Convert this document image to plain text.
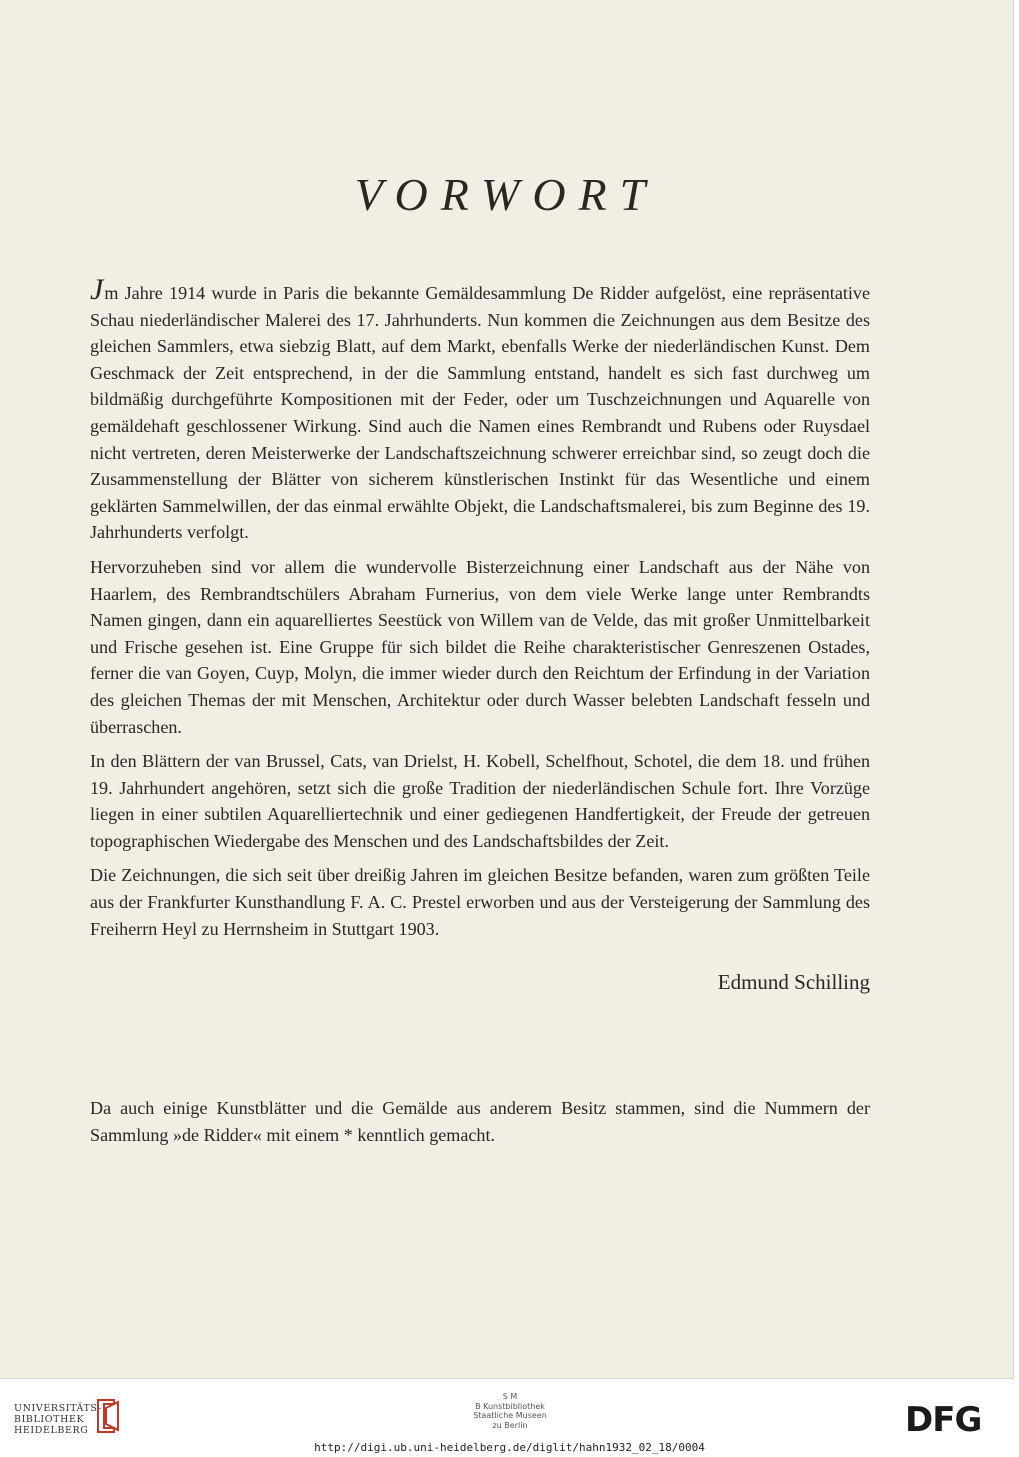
VORWORT

Jm Jahre 1914 wurde in Paris die bekannte Gemäldesammlung De Ridder aufgelöst, eine repräsentative Schau niederländischer Malerei des 17. Jahrhunderts. Nun kommen die Zeichnungen aus dem Besitze des gleichen Sammlers, etwa siebzig Blatt, auf dem Markt, ebenfalls Werke der niederländischen Kunst. Dem Geschmack der Zeit entsprechend, in der die Sammlung entstand, handelt es sich fast durchweg um bildmäßig durchgeführte Kompositionen mit der Feder, oder um Tuschzeichnungen und Aquarelle von gemäldehaft geschlossener Wirkung. Sind auch die Namen eines Rembrandt und Rubens oder Ruysdael nicht vertreten, deren Meisterwerke der Landschaftszeichnung schwerer erreichbar sind, so zeugt doch die Zusammenstellung der Blätter von sicherem künstlerischen Instinkt für das Wesentliche und einem geklärten Sammelwillen, der das einmal erwählte Objekt, die Landschaftsmalerei, bis zum Beginne des 19. Jahrhunderts verfolgt.

Hervorzuheben sind vor allem die wundervolle Bisterzeichnung einer Landschaft aus der Nähe von Haarlem, des Rembrandtschülers Abraham Furnerius, von dem viele Werke lange unter Rembrandts Namen gingen, dann ein aquarelliertes Seestück von Willem van de Velde, das mit großer Unmittelbarkeit und Frische gesehen ist. Eine Gruppe für sich bildet die Reihe charakteristischer Genreszenen Ostades, ferner die van Goyen, Cuyp, Molyn, die immer wieder durch den Reichtum der Erfindung in der Variation des gleichen Themas der mit Menschen, Architektur oder durch Wasser belebten Landschaft fesseln und überraschen.

In den Blättern der van Brussel, Cats, van Drielst, H. Kobell, Schelfhout, Schotel, die dem 18. und frühen 19. Jahrhundert angehören, setzt sich die große Tradition der niederländischen Schule fort. Ihre Vorzüge liegen in einer subtilen Aquarelliertechnik und einer gediegenen Handfertigkeit, der Freude der getreuen topographischen Wiedergabe des Menschen und des Landschaftsbildes der Zeit.

Die Zeichnungen, die sich seit über dreißig Jahren im gleichen Besitze befanden, waren zum größten Teile aus der Frankfurter Kunsthandlung F. A. C. Prestel erworben und aus der Versteigerung der Sammlung des Freiherrn Heyl zu Herrnsheim in Stuttgart 1903.

Edmund Schilling
Da auch einige Kunstblätter und die Gemälde aus anderem Besitz stammen, sind die Nummern der Sammlung »de Ridder« mit einem * kenntlich gemacht.
UNIVERSITÄTS-
BIBLIOTHEK
HEIDELBERG
S M
B Kunstbibliothek
Staatliche Museen
zu Berlin
http://digi.ub.uni-heidelberg.de/diglit/hahn1932_02_18/0004
DFG
